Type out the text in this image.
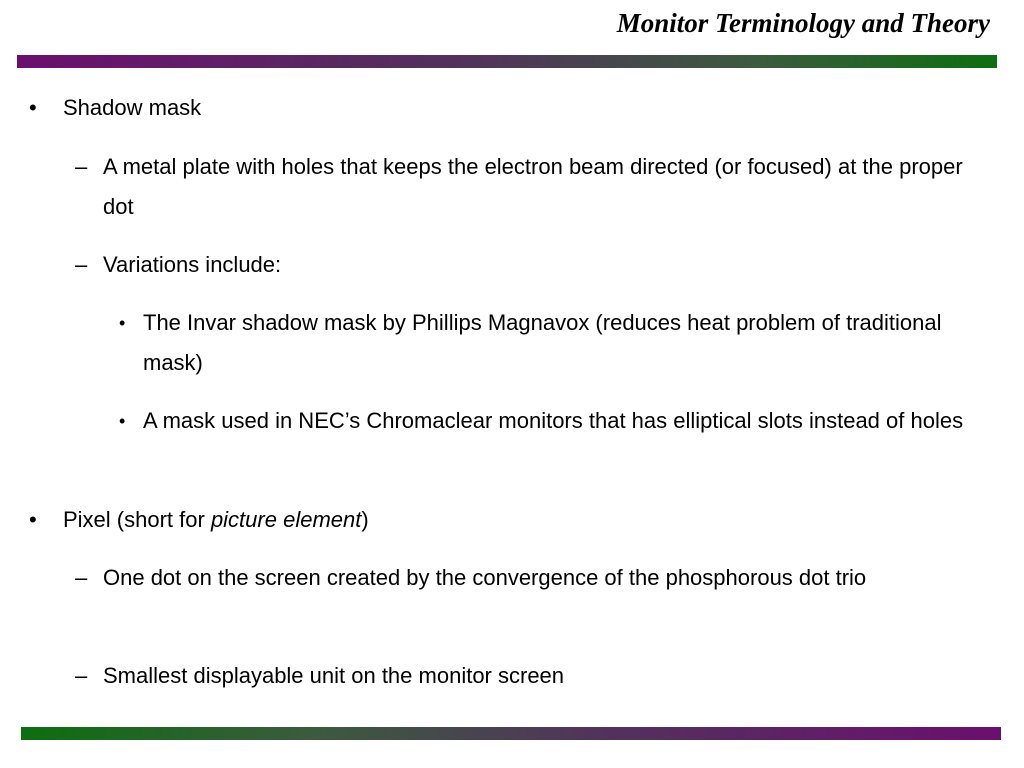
Monitor Terminology and Theory
• Shadow mask
– A metal plate with holes that keeps the electron beam directed (or focused) at the proper dot
– Variations include:
• The Invar shadow mask by Phillips Magnavox (reduces heat problem of traditional mask)
• A mask used in NEC’s Chromaclear monitors that has elliptical slots instead of holes
• Pixel (short for picture element)
– One dot on the screen created by the convergence of the phosphorous dot trio
– Smallest displayable unit on the monitor screen
